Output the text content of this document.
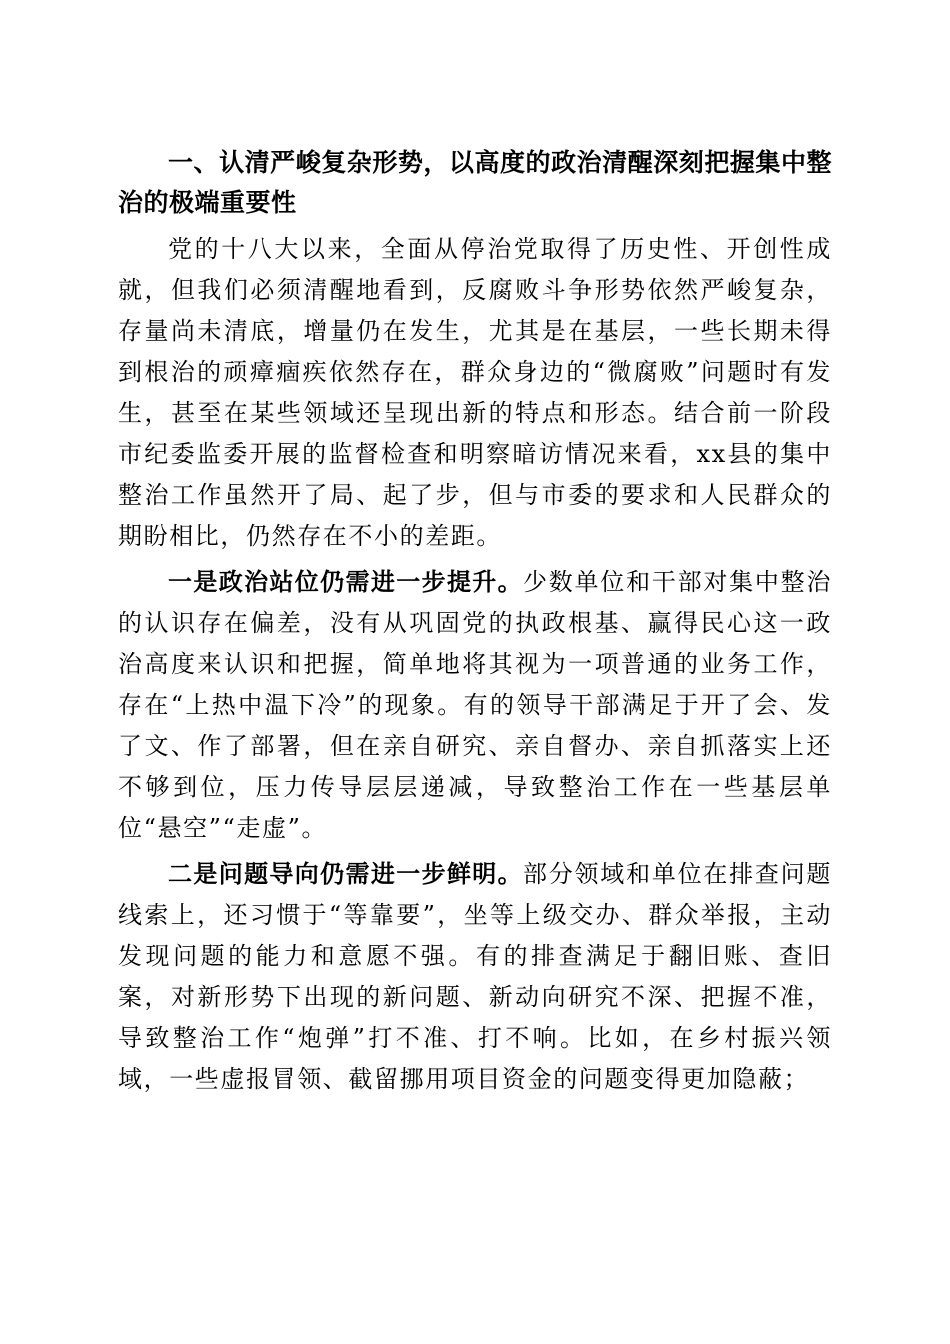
一、认清严峻复杂形势，以高度的政治清醒深刻把握集中整治的极端重要性

党的十八大以来，全面从停治党取得了历史性、开创性成就，但我们必须清醒地看到，反腐败斗争形势依然严峻复杂，存量尚未清底，增量仍在发生，尤其是在基层，一些长期未得到根治的顽瘴痼疾依然存在，群众身边的“微腐败”问题时有发生，甚至在某些领域还呈现出新的特点和形态。结合前一阶段市纪委监委开展的监督检查和明察暗访情况来看，xx县的集中整治工作虽然开了局、起了步，但与市委的要求和人民群众的期盼相比，仍然存在不小的差距。

一是政治站位仍需进一步提升。少数单位和干部对集中整治的认识存在偏差，没有从巩固党的执政根基、赢得民心这一政治高度来认识和把握，简单地将其视为一项普通的业务工作，存在“上热中温下冷”的现象。有的领导干部满足于开了会、发了文、作了部署，但在亲自研究、亲自督办、亲自抓落实上还不够到位，压力传导层层递减，导致整治工作在一些基层单位“悬空”“走虚”。

二是问题导向仍需进一步鲜明。部分领域和单位在排查问题线索上，还习惯于“等靠要”，坐等上级交办、群众举报，主动发现问题的能力和意愿不强。有的排查满足于翻旧账、查旧案，对新形势下出现的新问题、新动向研究不深、把握不准，导致整治工作“炮弹”打不准、打不响。比如，在乡村振兴领域，一些虚报冒领、截留挪用项目资金的问题变得更加隐蔽；
